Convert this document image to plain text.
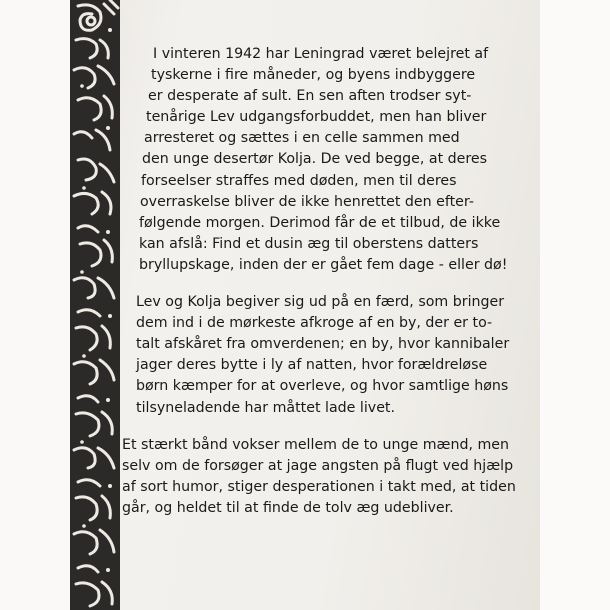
I vinteren 1942 har Leningrad været belejret af
tyskerne i fire måneder, og byens indbyggere
er desperate af sult. En sen aften trodser syt-
tenårige Lev udgangsforbuddet, men han bliver
arresteret og sættes i en celle sammen med
den unge desertør Kolja. De ved begge, at deres
forseelser straffes med døden, men til deres
overraskelse bliver de ikke henrettet den efter-
følgende morgen. Derimod får de et tilbud, de ikke
kan afslå: Find et dusin æg til oberstens datters
bryllupskage, inden der er gået fem dage - eller dø!

Lev og Kolja begiver sig ud på en færd, som bringer
dem ind i de mørkeste afkroge af en by, der er to-
talt afskåret fra omverdenen; en by, hvor kannibaler
jager deres bytte i ly af natten, hvor forældreløse
børn kæmper for at overleve, og hvor samtlige høns
tilsyneladende har måttet lade livet.

Et stærkt bånd vokser mellem de to unge mænd, men
selv om de forsøger at jage angsten på flugt ved hjælp
af sort humor, stiger desperationen i takt med, at tiden
går, og heldet til at finde de tolv æg udebliver.
